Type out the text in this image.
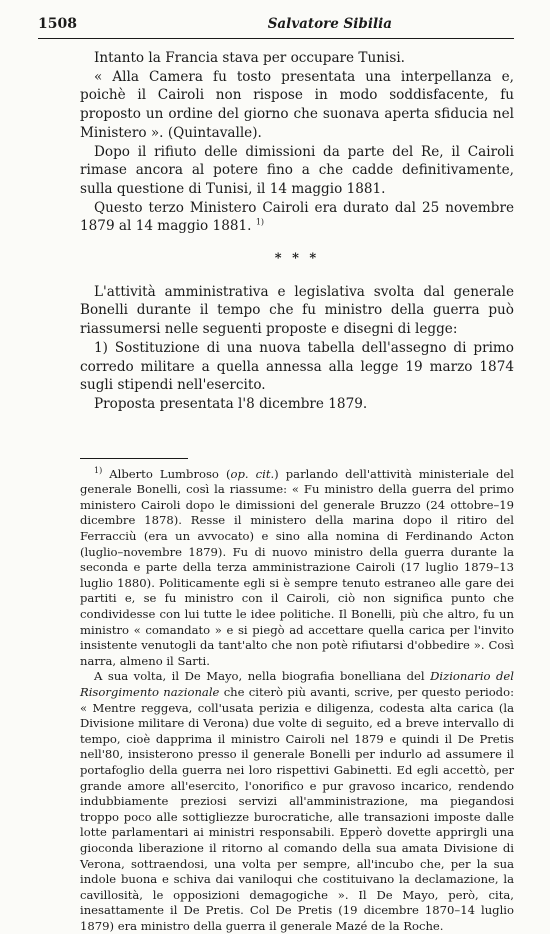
1508	Salvatore Sibilia

Intanto la Francia stava per occupare Tunisi.

« Alla Camera fu tosto presentata una interpellanza e, poichè il Cairoli non rispose in modo soddisfacente, fu proposto un ordine del giorno che suonava aperta sfiducia nel Ministero ». (Quintavalle).

Dopo il rifiuto delle dimissioni da parte del Re, il Cairoli rimase ancora al potere fino a che cadde definitivamente, sulla questione di Tunisi, il 14 maggio 1881.

Questo terzo Ministero Cairoli era durato dal 25 novembre 1879 al 14 maggio 1881. $^{1)}$

* * *

L'attività amministrativa e legislativa svolta dal generale Bonelli durante il tempo che fu ministro della guerra può riassumersi nelle seguenti proposte e disegni di legge:

1) Sostituzione di una nuova tabella dell'assegno di primo corredo militare a quella annessa alla legge 19 marzo 1874 sugli stipendi nell'esercito.

Proposta presentata l'8 dicembre 1879.

$^{1)}$ Alberto Lumbroso (op. cit.) parlando dell'attività ministeriale del generale Bonelli, così la riassume: « Fu ministro della guerra del primo ministero Cairoli dopo le dimissioni del generale Bruzzo (24 ottobre–19 dicembre 1878). Resse il ministero della marina dopo il ritiro del Ferracciù (era un avvocato) e sino alla nomina di Ferdinando Acton (luglio–novembre 1879). Fu di nuovo ministro della guerra durante la seconda e parte della terza amministrazione Cairoli (17 luglio 1879–13 luglio 1880). Politicamente egli si è sempre tenuto estraneo alle gare dei partiti e, se fu ministro con il Cairoli, ciò non significa punto che condividesse con lui tutte le idee politiche. Il Bonelli, più che altro, fu un ministro « comandato » e si piegò ad accettare quella carica per l'invito insistente venutogli da tant'alto che non potè rifiutarsi d'obbedire ». Così narra, almeno il Sarti.

A sua volta, il De Mayo, nella biografia bonelliana del Dizionario del Risorgimento nazionale che citerò più avanti, scrive, per questo periodo: « Mentre reggeva, coll'usata perizia e diligenza, codesta alta carica (la Divisione militare di Verona) due volte di seguito, ed a breve intervallo di tempo, cioè dapprima il ministro Cairoli nel 1879 e quindi il De Pretis nell'80, insisterono presso il generale Bonelli per indurlo ad assumere il portafoglio della guerra nei loro rispettivi Gabinetti. Ed egli accettò, per grande amore all'esercito, l'onorifico e pur gravoso incarico, rendendo indubbiamente preziosi servizi all'amministrazione, ma piegandosi troppo poco alle sottigliezze burocratiche, alle transazioni imposte dalle lotte parlamentari ai ministri responsabili. Epperò dovette apprirgli una gioconda liberazione il ritorno al comando della sua amata Divisione di Verona, sottraendosi, una volta per sempre, all'incubo che, per la sua indole buona e schiva dai vaniloqui che costituivano la declamazione, la cavillosità, le opposizioni demagogiche ». Il De Mayo, però, cita, inesattamente il De Pretis. Col De Pretis (19 dicembre 1870–14 luglio 1879) era ministro della guerra il generale Mazé de la Roche.
